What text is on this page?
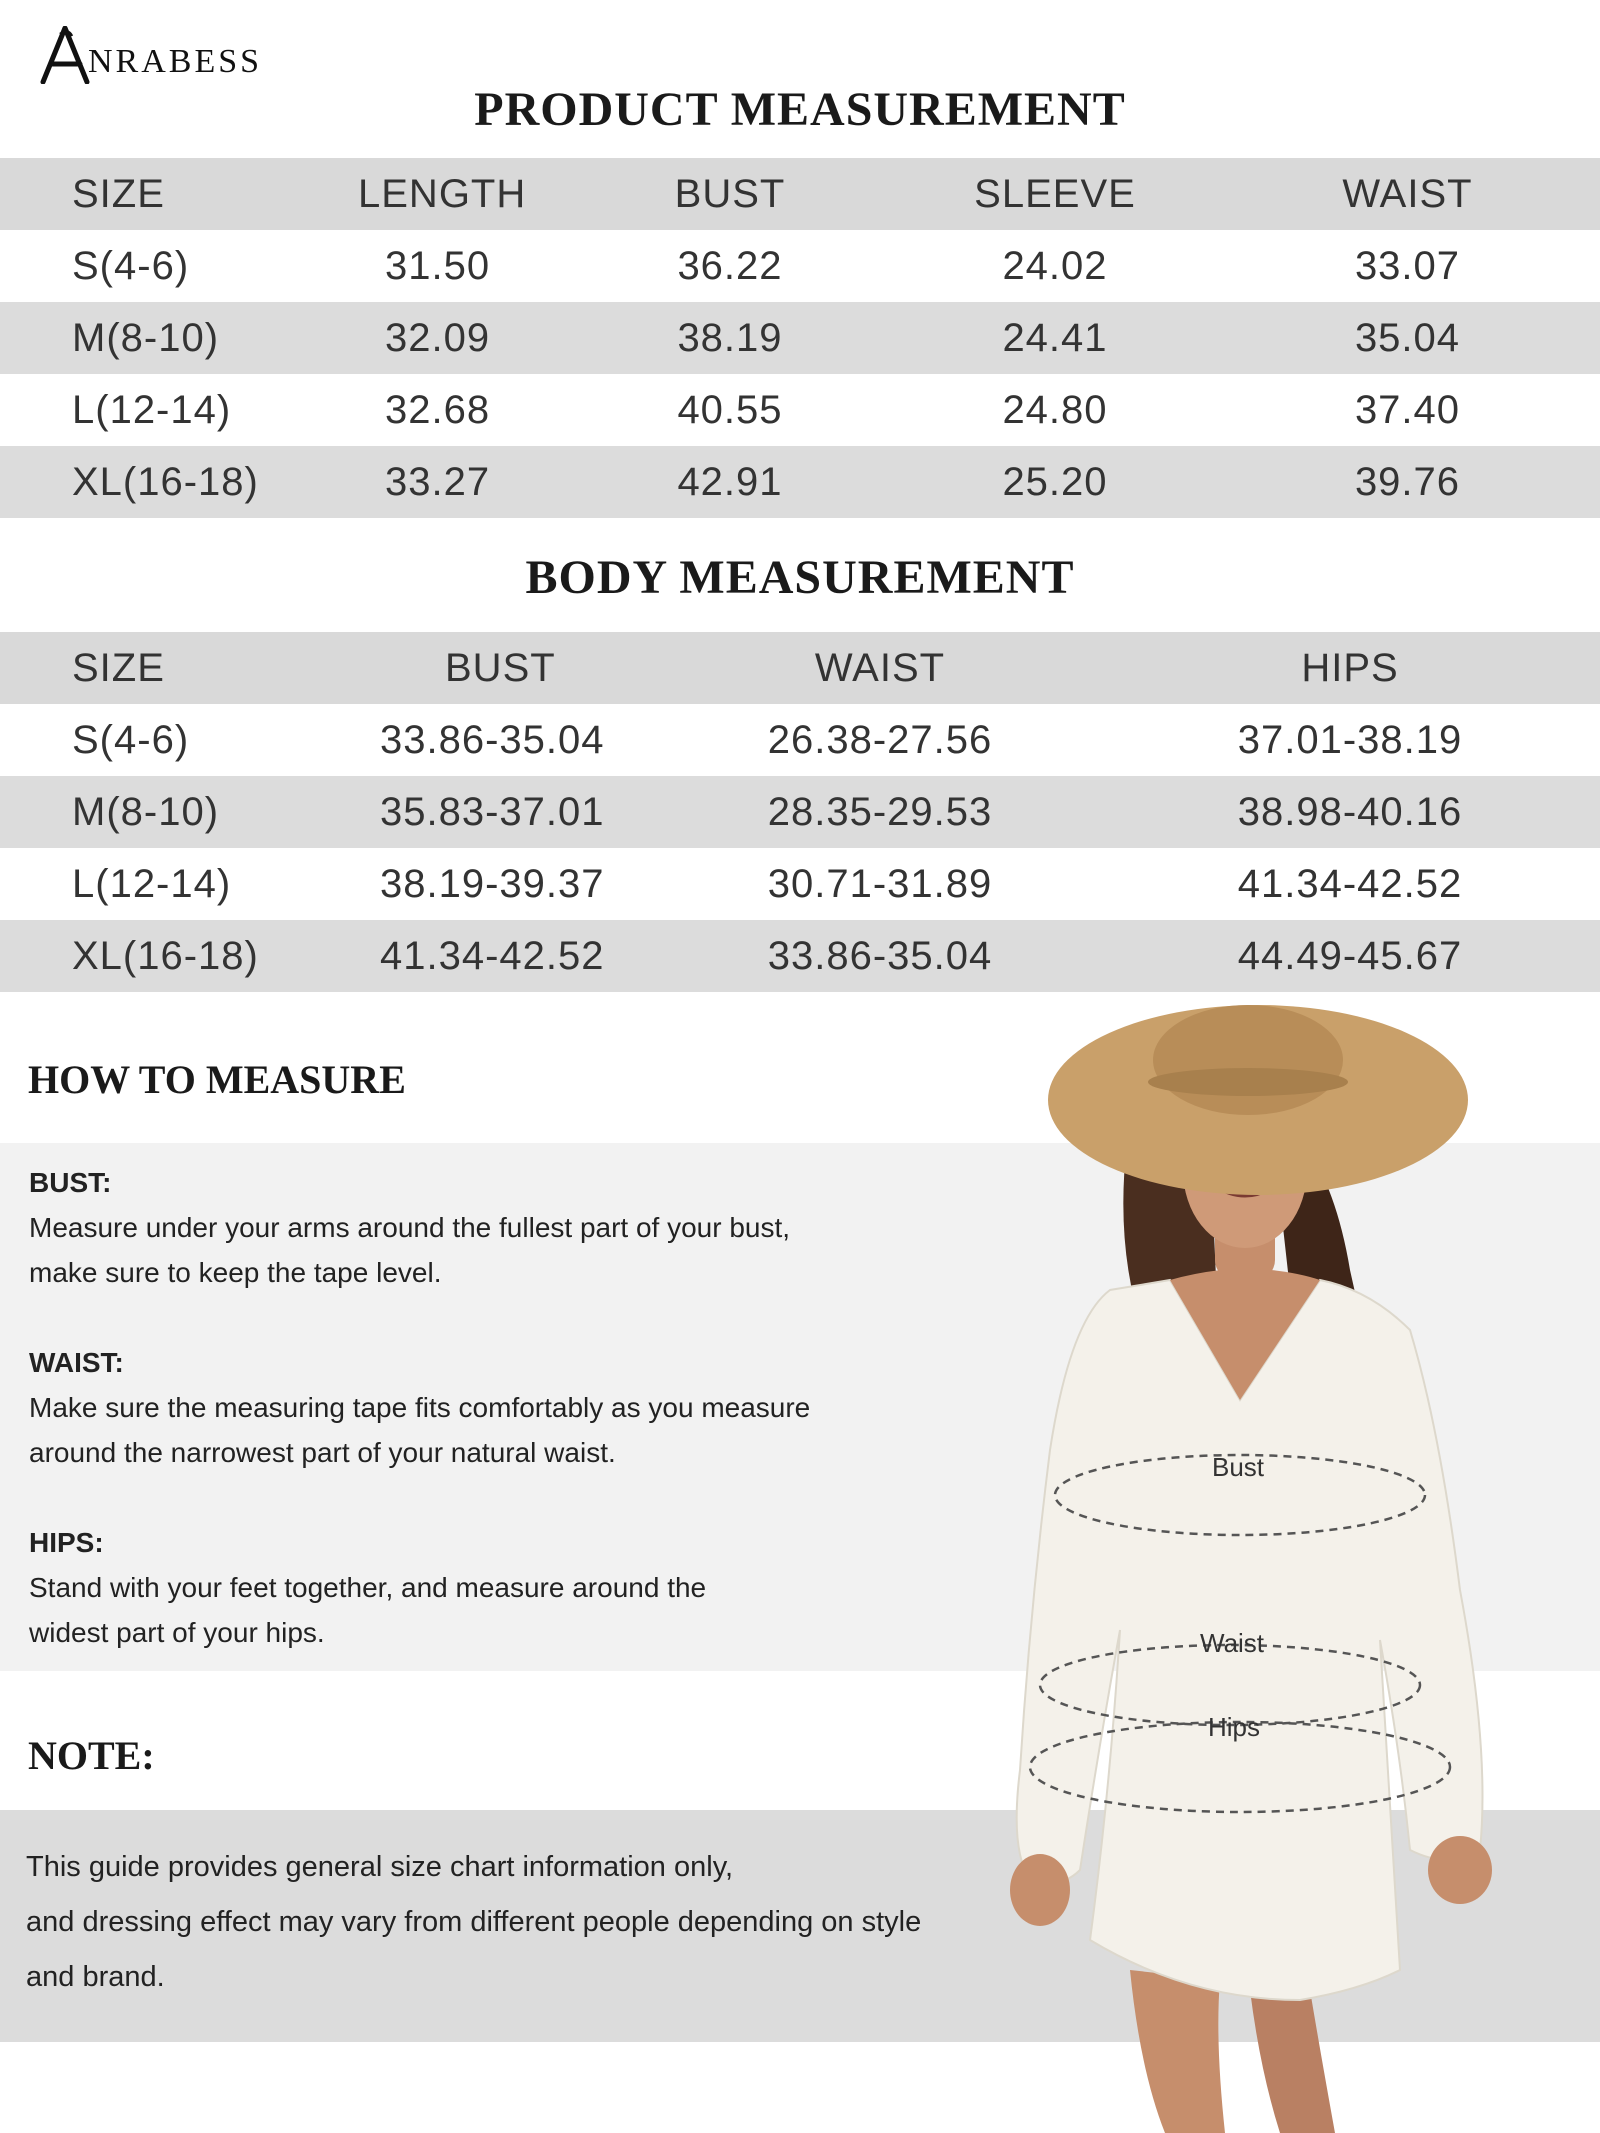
NRABESS
PRODUCT MEASUREMENT
SIZE	LENGTH	BUST	SLEEVE	WAIST
S(4-6)	31.50	36.22	24.02	33.07
M(8-10)	32.09	38.19	24.41	35.04
L(12-14)	32.68	40.55	24.80	37.40
XL(16-18)	33.27	42.91	25.20	39.76
BODY MEASUREMENT
SIZE	BUST	WAIST	HIPS
S(4-6)	33.86-35.04	26.38-27.56	37.01-38.19
M(8-10)	35.83-37.01	28.35-29.53	38.98-40.16
L(12-14)	38.19-39.37	30.71-31.89	41.34-42.52
XL(16-18)	41.34-42.52	33.86-35.04	44.49-45.67
HOW TO MEASURE
BUST:
Measure under your arms around the fullest part of your bust,
make sure to keep the tape level.
WAIST:
Make sure the measuring tape fits comfortably as you measure
around the narrowest part of your natural waist.
HIPS:
Stand with your feet together, and measure around the
widest part of your hips.
NOTE:
This guide provides general size chart information only,
and dressing effect may vary from different people depending on style
and brand.
Bust
Waist
Hips
